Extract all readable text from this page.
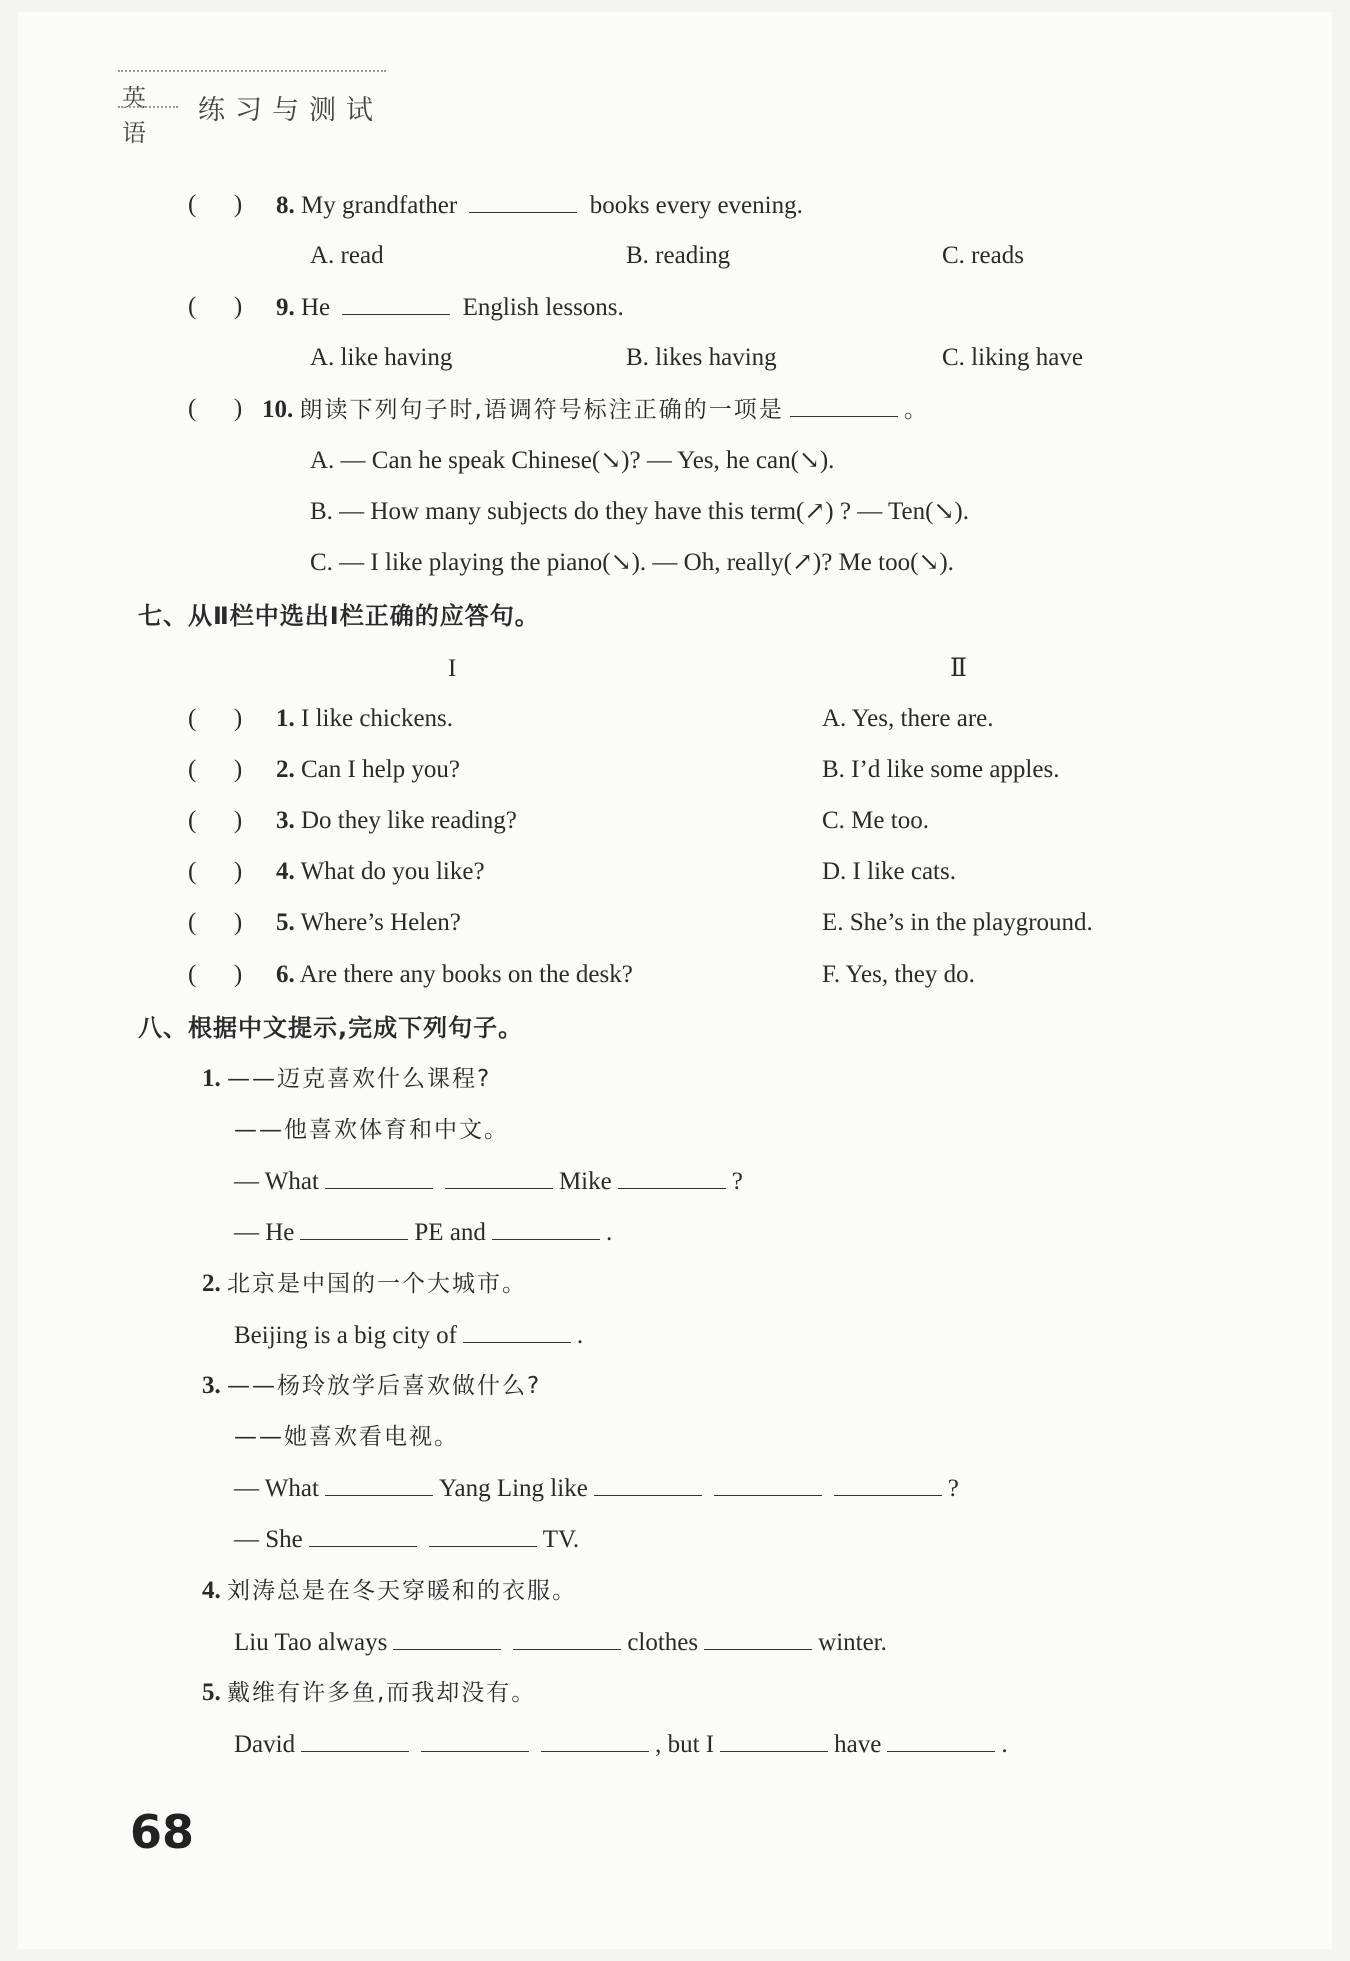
英语
练习与测试
(      ) 8. My grandfather	books every evening.
A. read	B. reading	C. reads
(      ) 9. He	English lessons.
A. like having	B. likes having	C. liking have
(      ) 10. 朗读下列句子时,语调符号标注正确的一项是	。
A. — Can he speak Chinese(↘)? — Yes, he can(↘).
B. — How many subjects do they have this term(↗) ? — Ten(↘).
C. — I like playing the piano(↘). — Oh, really(↗)? Me too(↘).
七、从Ⅱ栏中选出Ⅰ栏正确的应答句。
I	Ⅱ
(      ) 1. I like chickens.	A. Yes, there are.
(      ) 2. Can I help you?	B. I’d like some apples.
(      ) 3. Do they like reading?	C. Me too.
(      ) 4. What do you like?	D. I like cats.
(      ) 5. Where’s Helen?	E. She’s in the playground.
(      ) 6. Are there any books on the desk?	F. Yes, they do.
八、根据中文提示,完成下列句子。
1. ——迈克喜欢什么课程?
——他喜欢体育和中文。
— What	Mike	?
— He	PE and	.
2. 北京是中国的一个大城市。
Beijing is a big city of	.
3. ——杨玲放学后喜欢做什么?
——她喜欢看电视。
— What	Yang Ling like	?
— She	TV.
4. 刘涛总是在冬天穿暖和的衣服。
Liu Tao always	clothes	winter.
5. 戴维有许多鱼,而我却没有。
David	, but I	have	.
68
